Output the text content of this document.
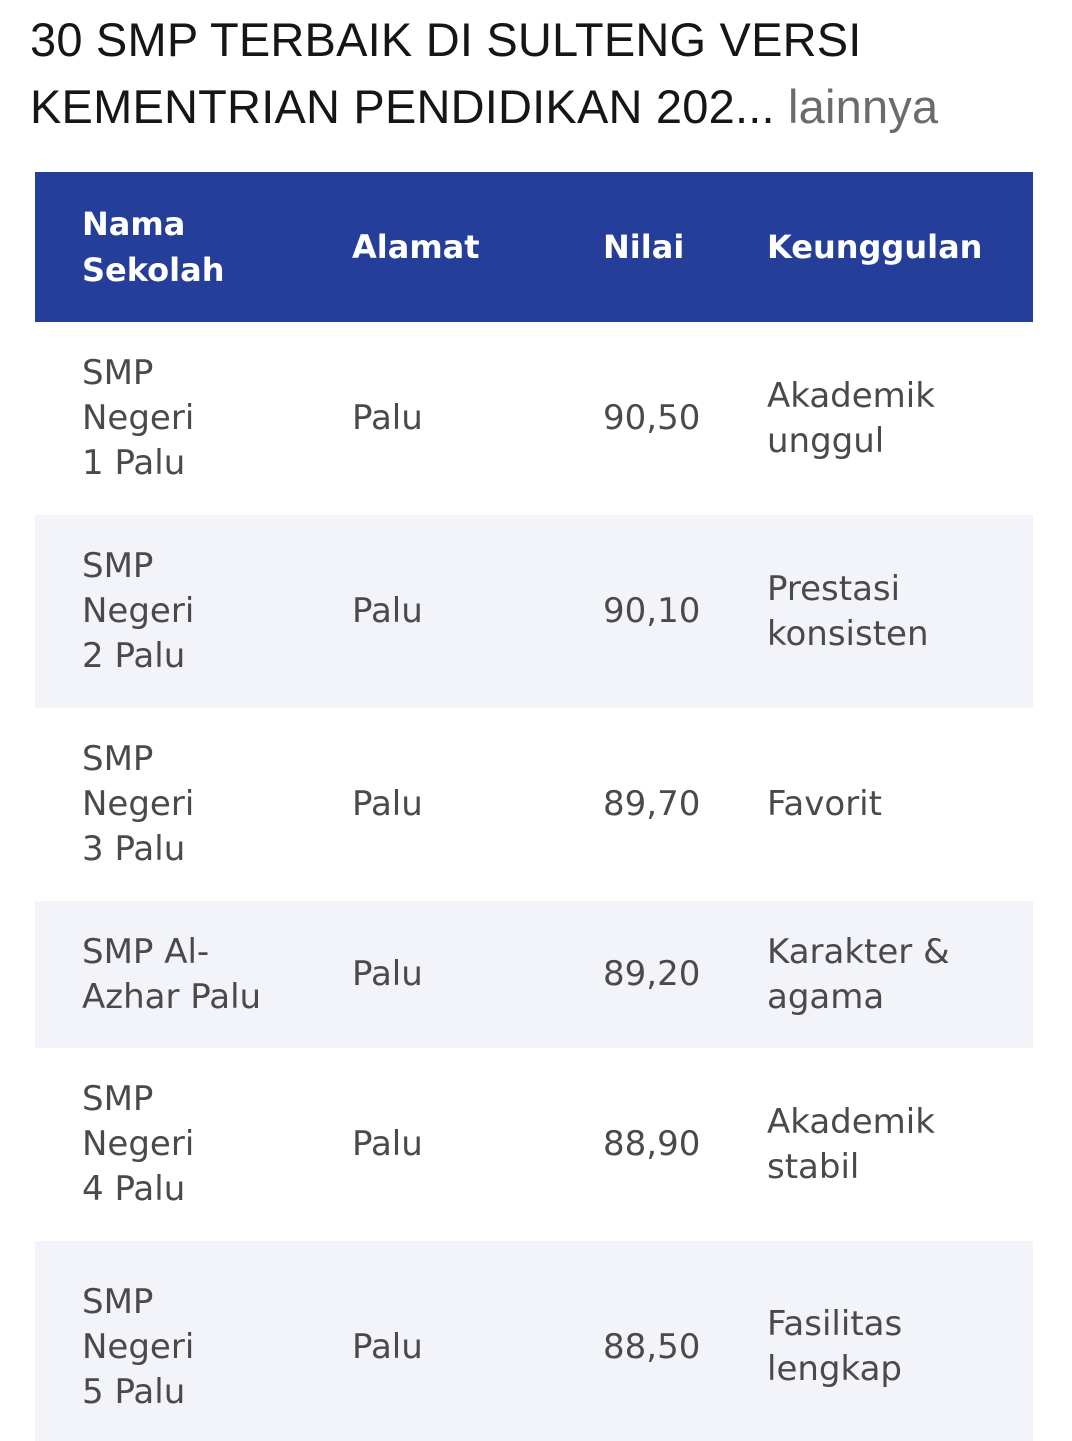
30 SMP TERBAIK DI SULTENG VERSI KEMENTRIAN PENDIDIKAN 202... lainnya
Nama Sekolah	Alamat	Nilai	Keunggulan
SMP Negeri 1 Palu	Palu	90,50	Akademik unggul
SMP Negeri 2 Palu	Palu	90,10	Prestasi konsisten
SMP Negeri 3 Palu	Palu	89,70	Favorit
SMP Al-Azhar Palu	Palu	89,20	Karakter & agama
SMP Negeri 4 Palu	Palu	88,90	Akademik stabil
SMP Negeri 5 Palu	Palu	88,50	Fasilitas lengkap
